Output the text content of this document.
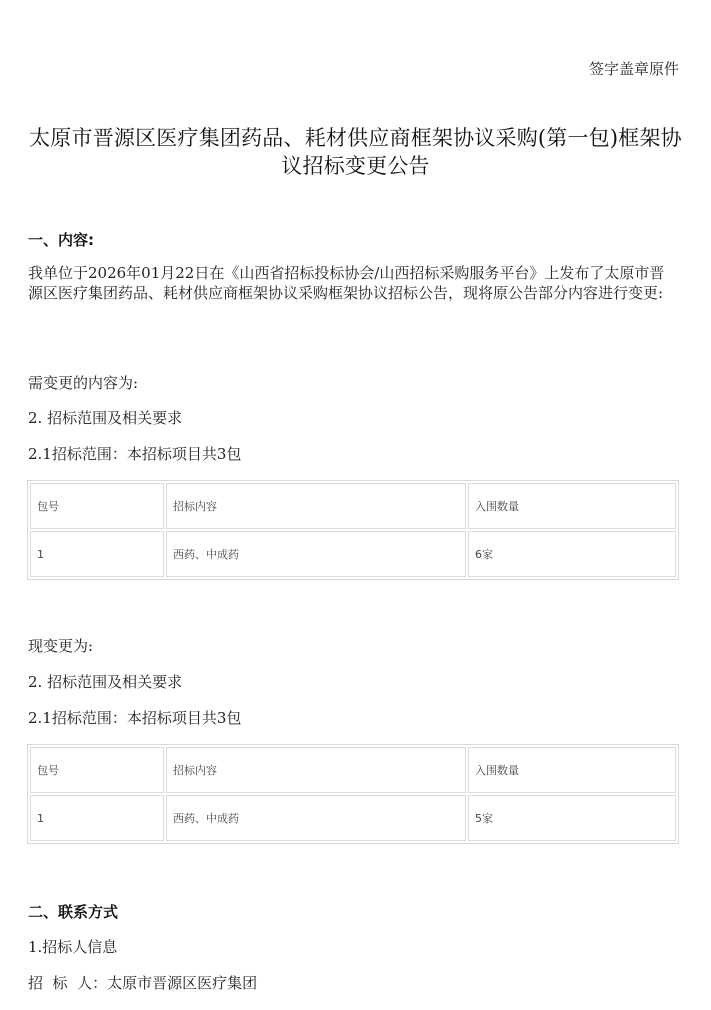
签字盖章原件
太原市晋源区医疗集团药品、耗材供应商框架协议采购(第一包)框架协议招标变更公告
一、内容:
我单位于2026年01月22日在《山西省招标投标协会/山西招标采购服务平台》上发布了太原市晋源区医疗集团药品、耗材供应商框架协议采购框架协议招标公告，现将原公告部分内容进行变更:
需变更的内容为:
2. 招标范围及相关要求
2.1招标范围：本招标项目共3包
包号	招标内容	入围数量
1	西药、中成药	6家
现变更为:
2. 招标范围及相关要求
2.1招标范围：本招标项目共3包
包号	招标内容	入围数量
1	西药、中成药	5家
二、联系方式
1.招标人信息
招  标  人：太原市晋源区医疗集团
